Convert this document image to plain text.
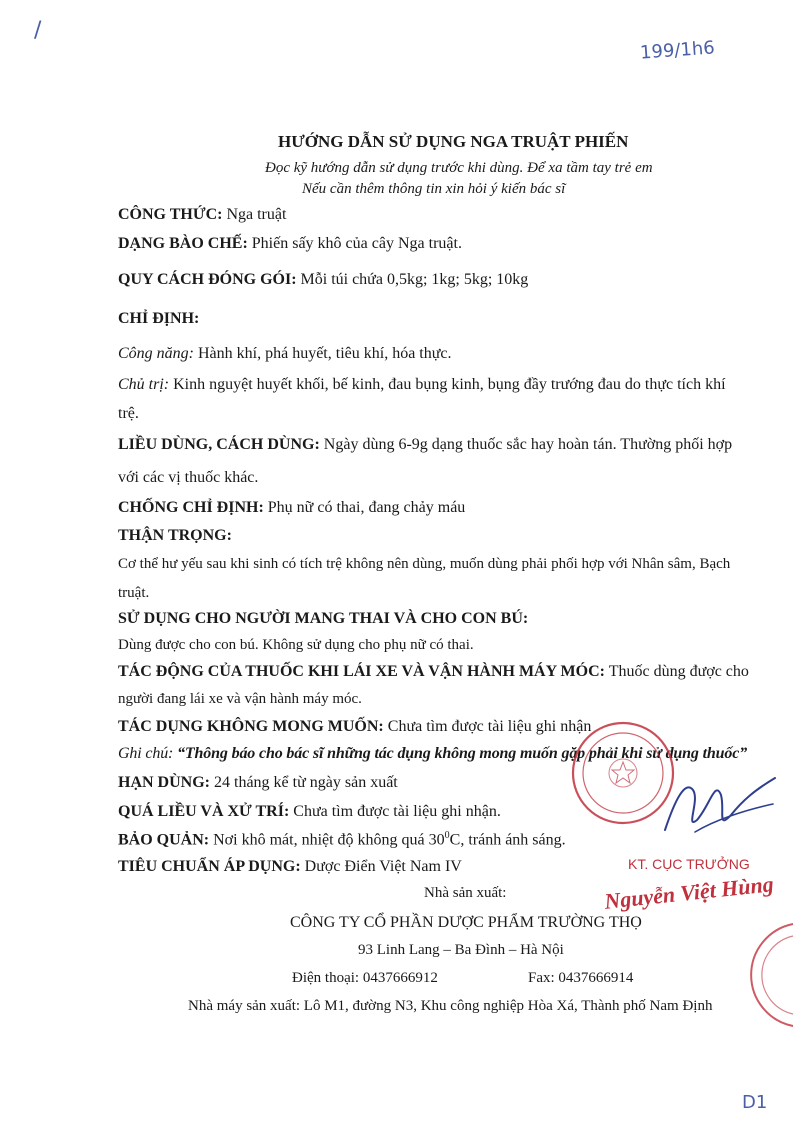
/
199/1h6
HƯỚNG DẪN SỬ DỤNG NGA TRUẬT PHIẾN
Đọc kỹ hướng dẫn sử dụng trước khi dùng. Để xa tầm tay trẻ em
Nếu cần thêm thông tin xin hỏi ý kiến bác sĩ
CÔNG THỨC: Nga truật
DẠNG BÀO CHẾ: Phiến sấy khô của cây Nga truật.
QUY CÁCH ĐÓNG GÓI: Mỗi túi chứa 0,5kg; 1kg; 5kg; 10kg
CHỈ ĐỊNH:
Công năng: Hành khí, phá huyết, tiêu khí, hóa thực.
Chủ trị: Kinh nguyệt huyết khối, bế kinh, đau bụng kinh, bụng đầy trướng đau do thực tích khí
trệ.
LIỀU DÙNG, CÁCH DÙNG: Ngày dùng 6-9g dạng thuốc sắc hay hoàn tán. Thường phối hợp
với các vị thuốc khác.
CHỐNG CHỈ ĐỊNH: Phụ nữ có thai, đang chảy máu
THẬN TRỌNG:
Cơ thể hư yếu sau khi sinh có tích trệ không nên dùng, muốn dùng phải phối hợp với Nhân sâm, Bạch
truật.
SỬ DỤNG CHO NGƯỜI MANG THAI VÀ CHO CON BÚ:
Dùng được cho con bú. Không sử dụng cho phụ nữ có thai.
TÁC ĐỘNG CỦA THUỐC KHI LÁI XE VÀ VẬN HÀNH MÁY MÓC: Thuốc dùng được cho
người đang lái xe và vận hành máy móc.
TÁC DỤNG KHÔNG MONG MUỐN: Chưa tìm được tài liệu ghi nhận
Ghi chú: “Thông báo cho bác sĩ những tác dụng không mong muốn gặp phải khi sử dụng thuốc”
HẠN DÙNG: 24 tháng kể từ ngày sản xuất
QUÁ LIỀU VÀ XỬ TRÍ: Chưa tìm được tài liệu ghi nhận.
BẢO QUẢN: Nơi khô mát, nhiệt độ không quá $30^0C$, tránh ánh sáng.
TIÊU CHUẨN ÁP DỤNG: Dược Điển Việt Nam IV
Nhà sản xuất:
CÔNG TY CỔ PHẦN DƯỢC PHẨM TRƯỜNG THỌ
93 Linh Lang – Ba Đình – Hà Nội
Điện thoại: 0437666912	Fax: 0437666914
Nhà máy sản xuất: Lô M1, đường N3, Khu công nghiệp Hòa Xá, Thành phố Nam Định
KT. CỤC TRƯỞNG
Nguyễn Việt Hùng
D1
